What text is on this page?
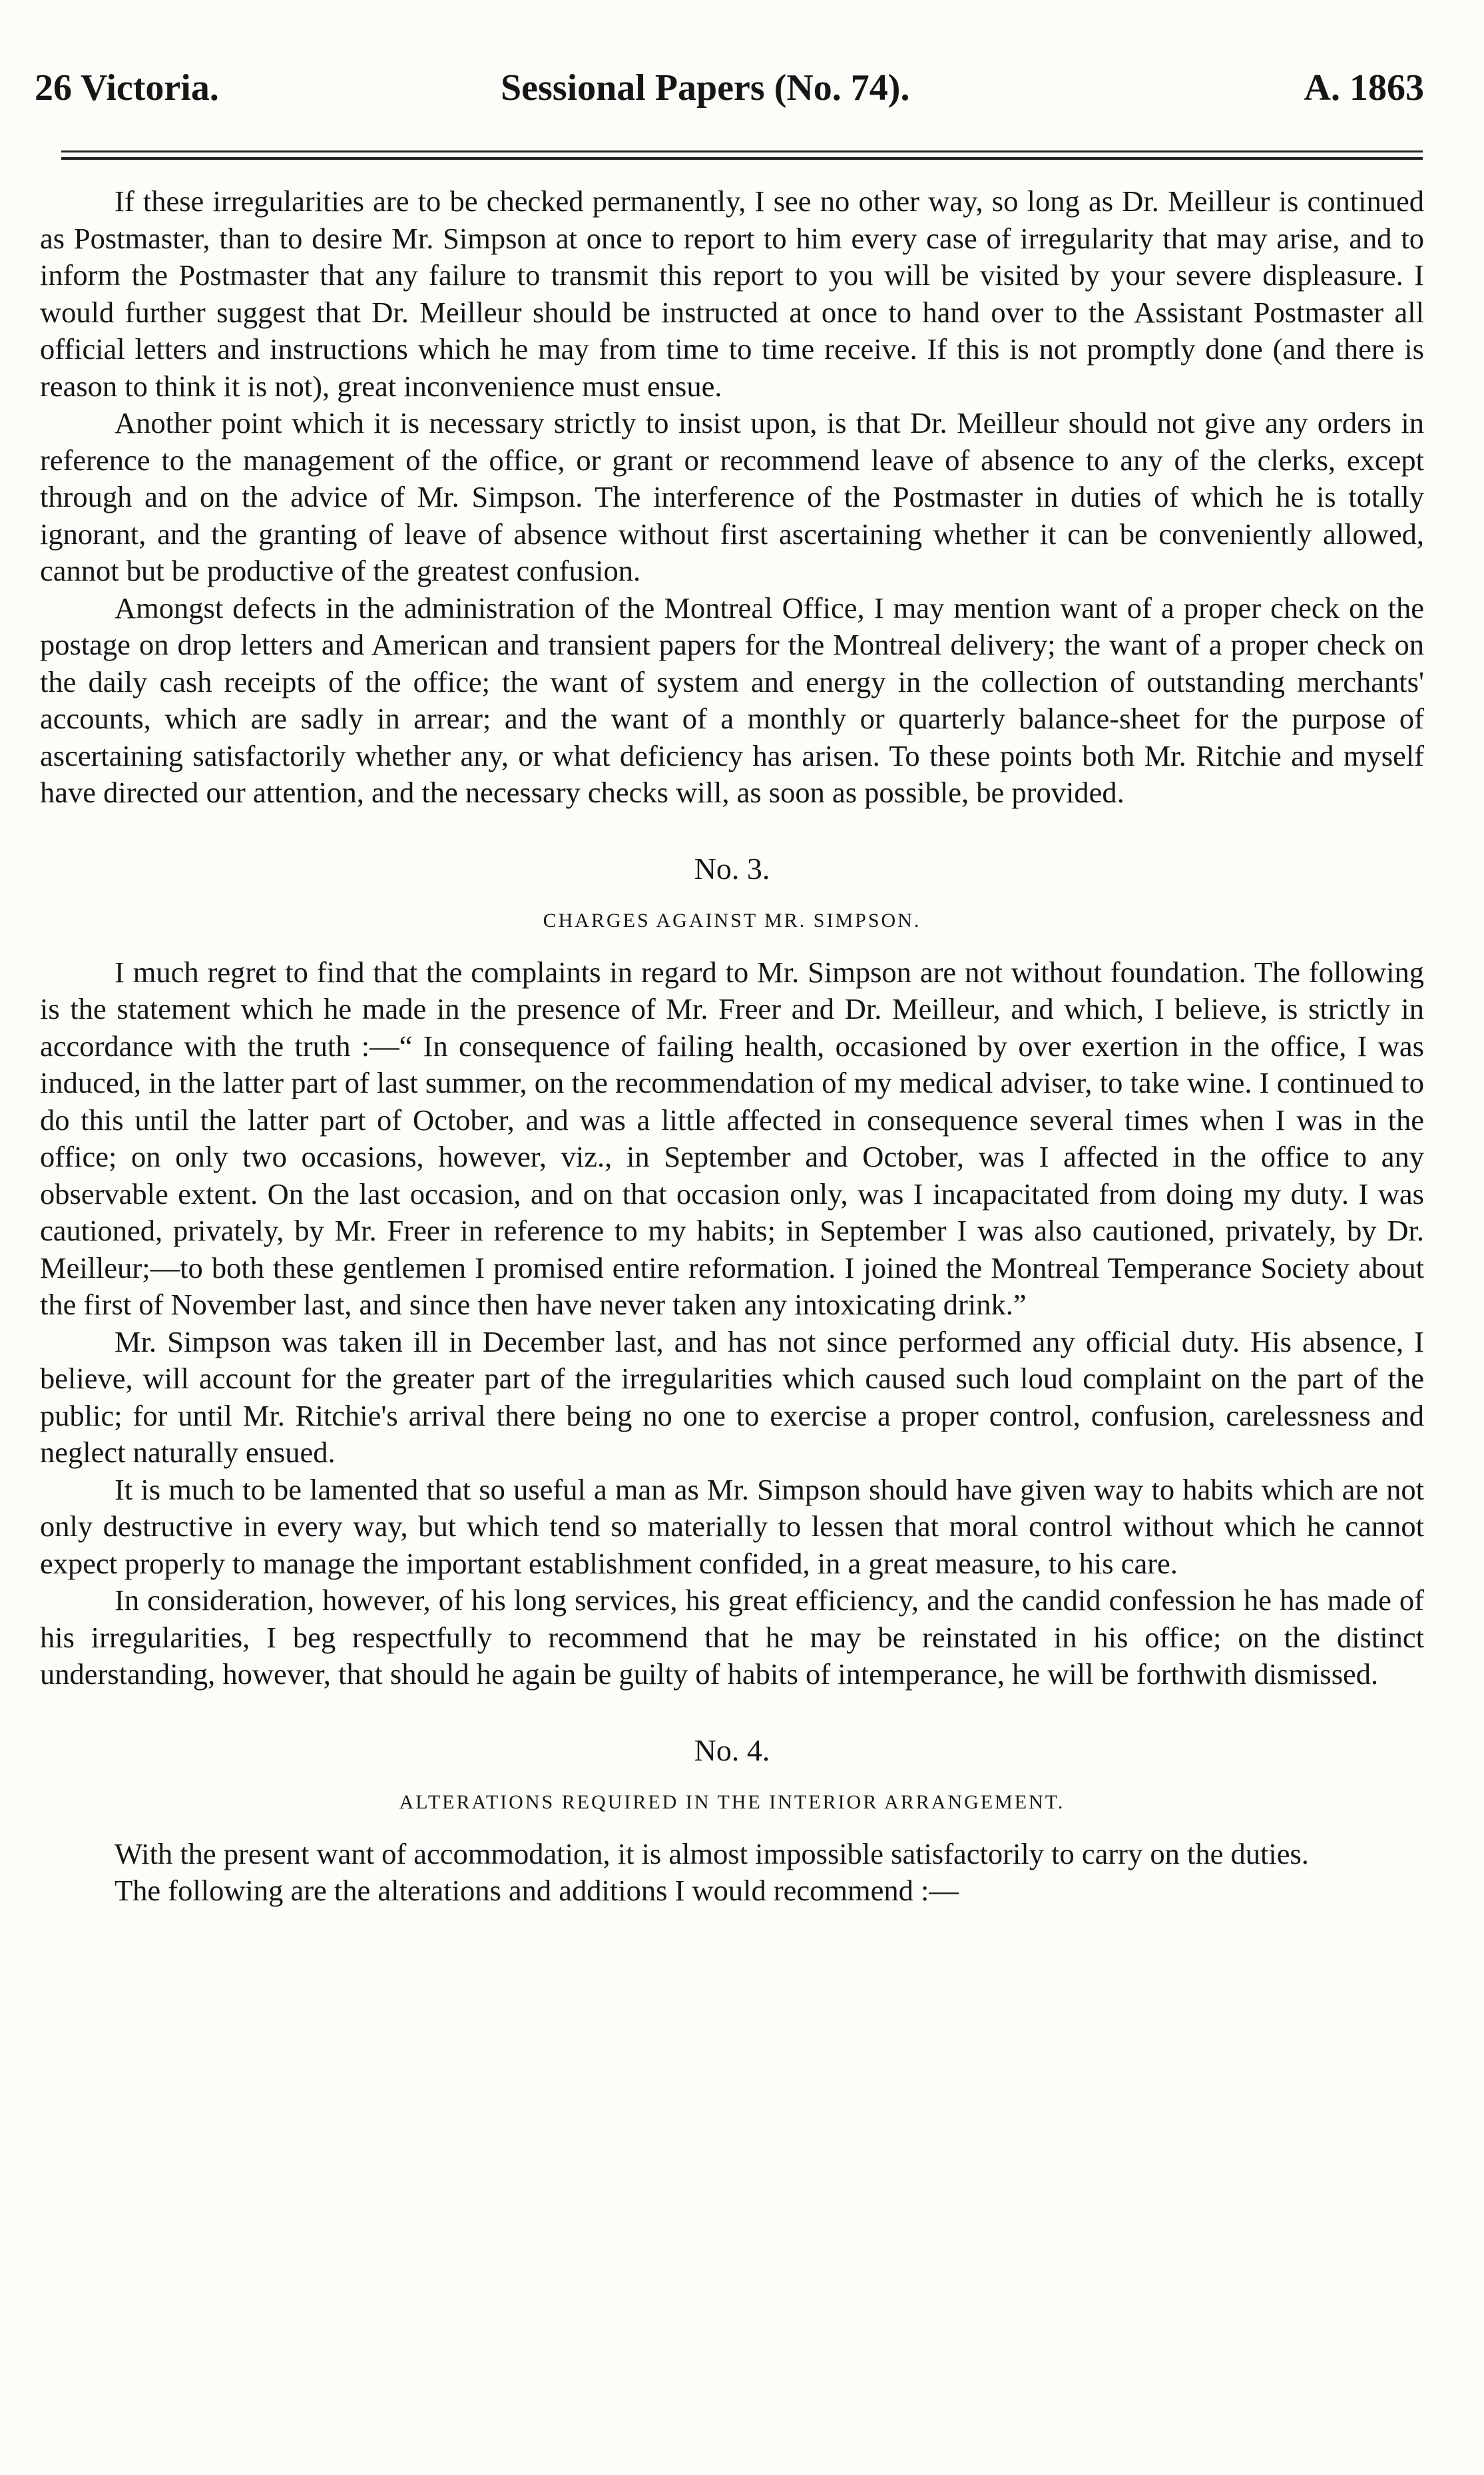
26 Victoria.	Sessional Papers (No. 74).	A. 1863

If these irregularities are to be checked permanently, I see no other way, so long as Dr. Meilleur is continued as Postmaster, than to desire Mr. Simpson at once to report to him every case of irregularity that may arise, and to inform the Postmaster that any failure to transmit this report to you will be visited by your severe displeasure. I would further suggest that Dr. Meilleur should be instructed at once to hand over to the Assistant Postmaster all official letters and instructions which he may from time to time receive. If this is not promptly done (and there is reason to think it is not), great inconvenience must ensue.

Another point which it is necessary strictly to insist upon, is that Dr. Meilleur should not give any orders in reference to the management of the office, or grant or recommend leave of absence to any of the clerks, except through and on the advice of Mr. Simpson. The interference of the Postmaster in duties of which he is totally ignorant, and the granting of leave of absence without first ascertaining whether it can be conveniently allowed, cannot but be productive of the greatest confusion.

Amongst defects in the administration of the Montreal Office, I may mention want of a proper check on the postage on drop letters and American and transient papers for the Montreal delivery; the want of a proper check on the daily cash receipts of the office; the want of system and energy in the collection of outstanding merchants' accounts, which are sadly in arrear; and the want of a monthly or quarterly balance-sheet for the purpose of ascertaining satisfactorily whether any, or what deficiency has arisen. To these points both Mr. Ritchie and myself have directed our attention, and the necessary checks will, as soon as possible, be provided.

No. 3.
CHARGES AGAINST MR. SIMPSON.

I much regret to find that the complaints in regard to Mr. Simpson are not without foundation. The following is the statement which he made in the presence of Mr. Freer and Dr. Meilleur, and which, I believe, is strictly in accordance with the truth :—“ In consequence of failing health, occasioned by over exertion in the office, I was induced, in the latter part of last summer, on the recommendation of my medical adviser, to take wine. I continued to do this until the latter part of October, and was a little affected in consequence several times when I was in the office; on only two occasions, however, viz., in September and October, was I affected in the office to any observable extent. On the last occasion, and on that occasion only, was I incapacitated from doing my duty. I was cautioned, privately, by Mr. Freer in reference to my habits; in September I was also cautioned, privately, by Dr. Meilleur;—to both these gentlemen I promised entire reformation. I joined the Montreal Temperance Society about the first of November last, and since then have never taken any intoxicating drink.”

Mr. Simpson was taken ill in December last, and has not since performed any official duty. His absence, I believe, will account for the greater part of the irregularities which caused such loud complaint on the part of the public; for until Mr. Ritchie's arrival there being no one to exercise a proper control, confusion, carelessness and neglect naturally ensued.

It is much to be lamented that so useful a man as Mr. Simpson should have given way to habits which are not only destructive in every way, but which tend so materially to lessen that moral control without which he cannot expect properly to manage the important establishment confided, in a great measure, to his care.

In consideration, however, of his long services, his great efficiency, and the candid confession he has made of his irregularities, I beg respectfully to recommend that he may be reinstated in his office; on the distinct understanding, however, that should he again be guilty of habits of intemperance, he will be forthwith dismissed.

No. 4.
ALTERATIONS REQUIRED IN THE INTERIOR ARRANGEMENT.

With the present want of accommodation, it is almost impossible satisfactorily to carry on the duties.

The following are the alterations and additions I would recommend :—
